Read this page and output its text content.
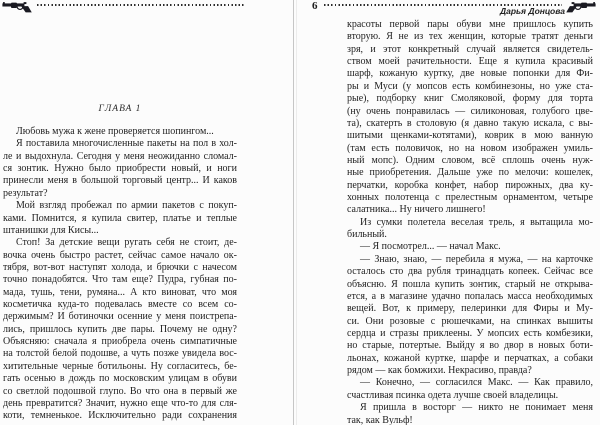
6	Дарья Донцова
ГЛАВА 1
Любовь мужа к жене проверяется шопингом...
Я поставила многочисленные пакеты на пол в хол-
ле и выдохнула. Сегодня у меня неожиданно сломал-
ся зонтик. Нужно было приобрести новый, и ноги
принесли меня в большой торговый центр... И каков
результат?
Мой взгляд пробежал по армии пакетов с покуп-
ками. Помнится, я купила свитер, платье и теплые
штанишки для Кисы...
Стоп! За детские вещи ругать себя не стоит, де-
вочка очень быстро растет, сейчас самое начало ок-
тября, вот-вот наступят холода, и брючки с начесом
точно понадобятся. Что там еще? Пудра, губная по-
мада, тушь, тени, румяна... А кто виноват, что моя
косметичка куда-то подевалась вместе со всем со-
держимым? И ботиночки осенние у меня поистрепа-
лись, пришлось купить две пары. Почему не одну?
Объясняю: сначала я приобрела очень симпатичные
на толстой белой подошве, а чуть позже увидела вос-
хитительные черные ботильоны. Ну согласитесь, бе-
гать осенью в дождь по московским улицам в обуви
со светлой подошвой глупо. Во что она в первый же
день превратится? Значит, нужно еще что-то для сля-
коти, темненькое. Исключительно ради сохранения
красоты первой пары обуви мне пришлось купить
вторую. Я не из тех женщин, которые тратят деньги
зря, и этот конкретный случай является свидетель-
ством моей рачительности. Еще я купила красивый
шарф, кожаную куртку, две новые попонки для Фи-
ры и Муси (у мопсов есть комбинезоны, но уже ста-
рые), подборку книг Смоляковой, форму для торта
(ну очень понравилась — силиконовая, голубого цве-
та), скатерть в столовую (я давно такую искала, с вы-
шитыми щенками-котятами), коврик в мою ванную
(там есть половичок, но на новом изображен умиль-
ный мопс). Одним словом, всё сплошь очень нуж-
ные приобретения. Дальше уже по мелочи: кошелек,
перчатки, коробка конфет, набор пирожных, два ку-
хонных полотенца с прелестным орнаментом, четыре
салатника... Ну ничего лишнего!
Из сумки полетела веселая трель, я вытащила мо-
бильный.
— Я посмотрел... — начал Макс.
— Знаю, знаю, — перебила я мужа, — на карточке
осталось сто два рубля тринадцать копеек. Сейчас все
объясню. Я пошла купить зонтик, старый не открыва-
ется, а в магазине удачно попалась масса необходимых
вещей. Вот, к примеру, пелеринки для Фиры и Му-
си. Они розовые с рюшечками, на спинках вышиты
сердца и стразы приклеены. У мопсих есть комбезики,
но старые, потертые. Выйду я во двор в новых боти-
льонах, кожаной куртке, шарфе и перчатках, а собаки
рядом — как бомжихи. Некрасиво, правда?
— Конечно, — согласился Макс. — Как правило,
счастливая псинка одета лучше своей владелицы.
Я пришла в восторг — никто не понимает меня
так, как Вульф!
